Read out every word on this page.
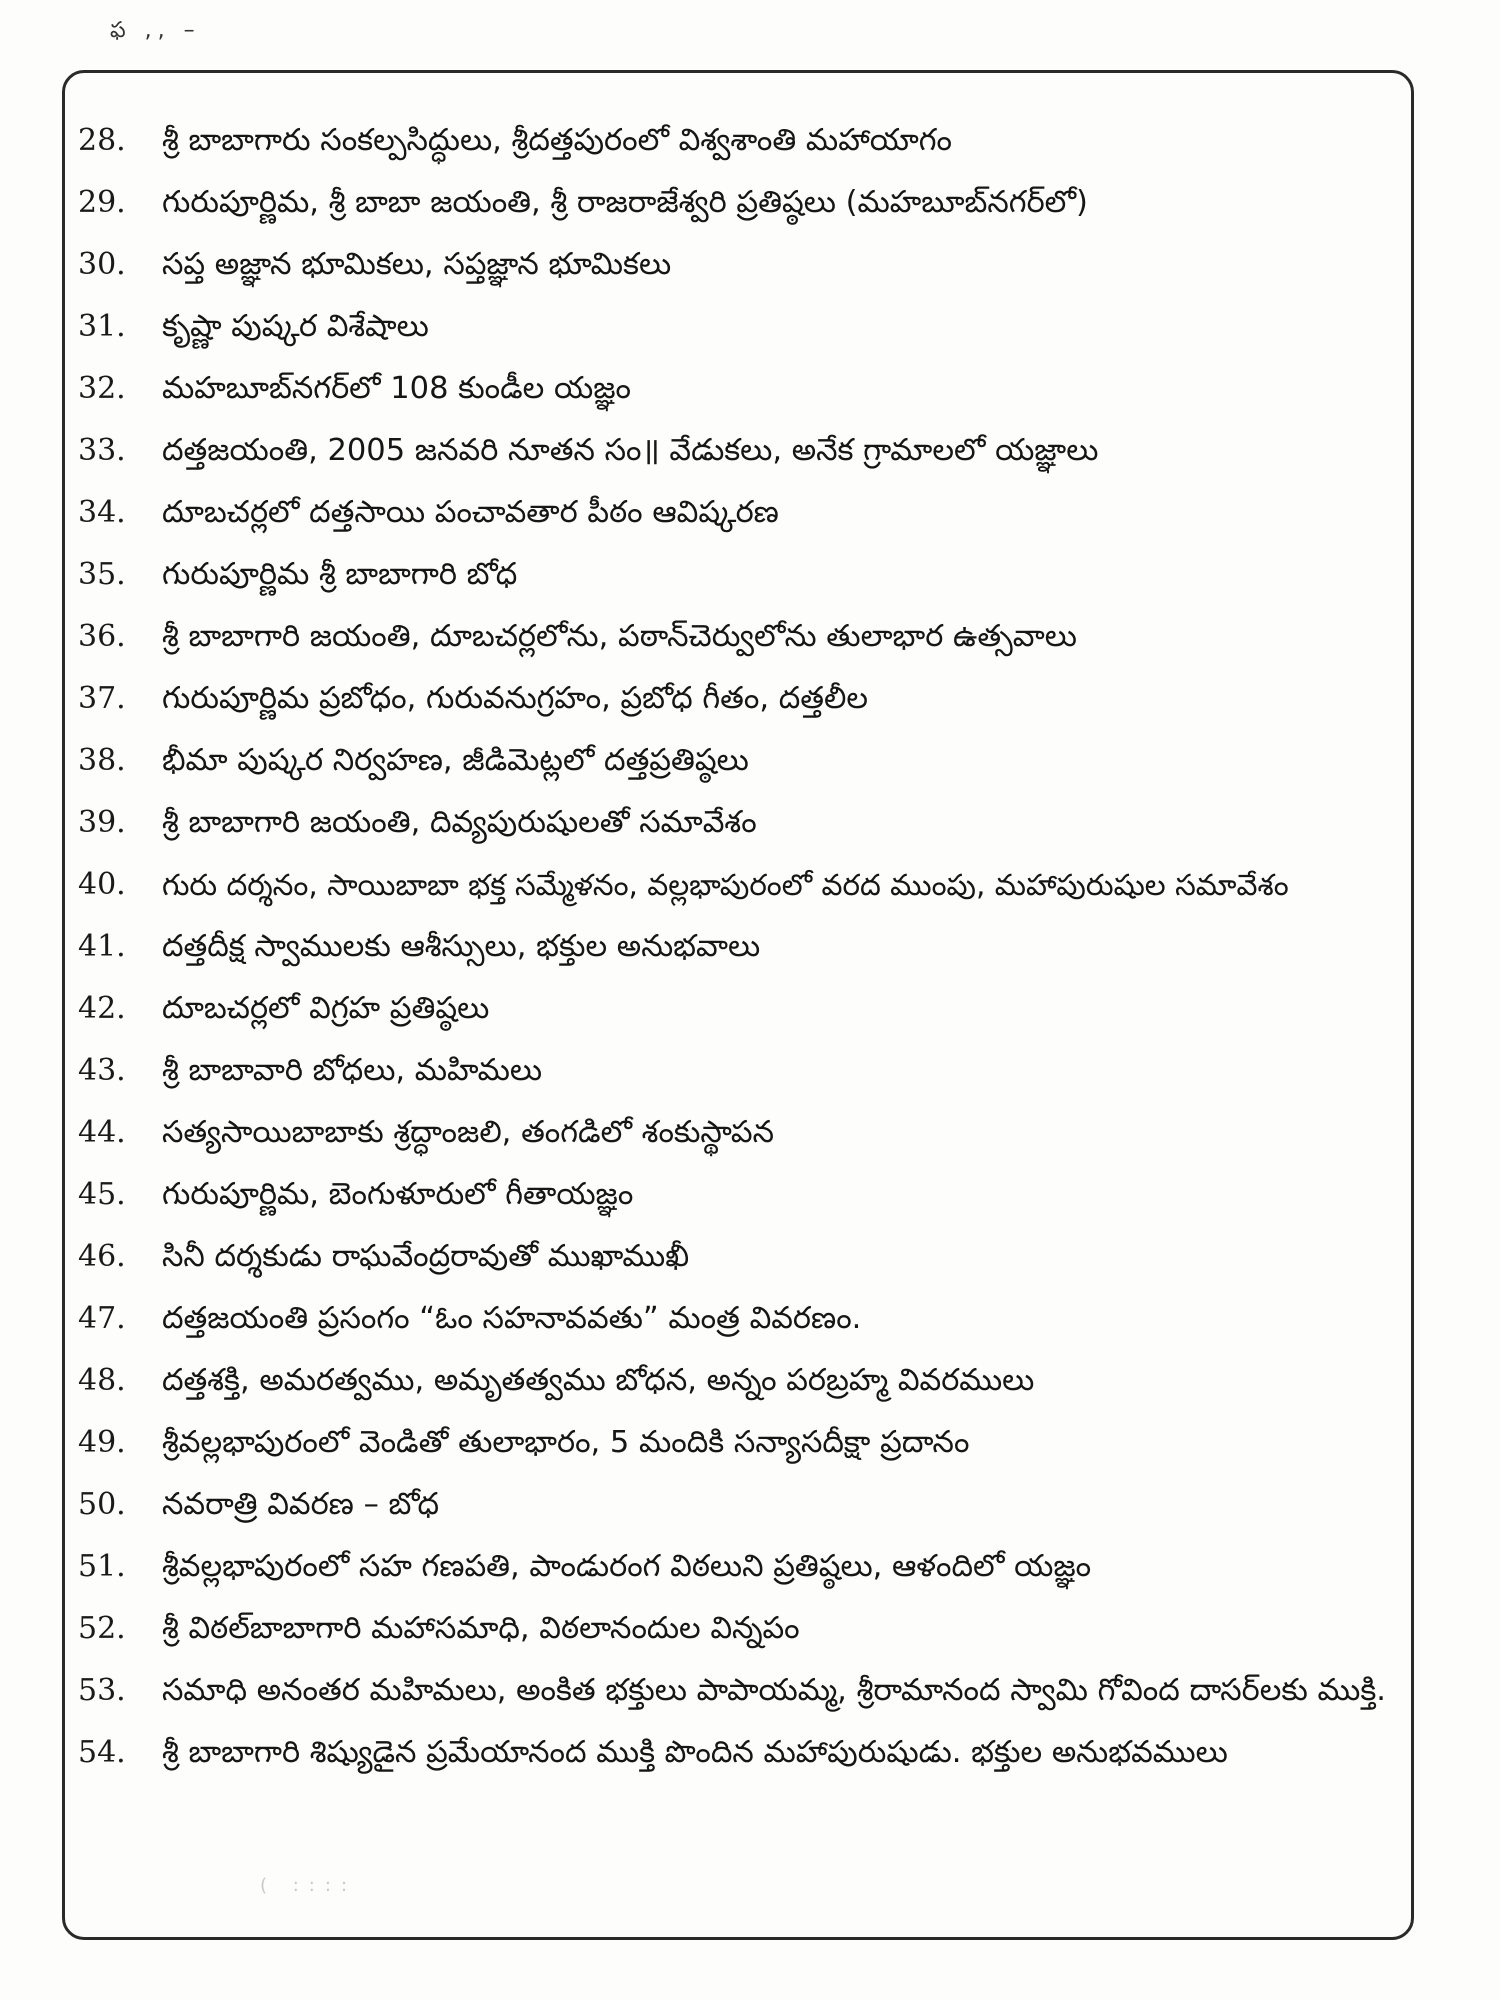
ఫ ,, –
28.	శ్రీ బాబాగారు సంకల్పసిద్ధులు, శ్రీదత్తపురంలో విశ్వశాంతి మహాయాగం
29.	గురుపూర్ణిమ, శ్రీ బాబా జయంతి, శ్రీ రాజరాజేశ్వరి ప్రతిష్ఠలు (మహబూబ్‌నగర్‌లో)
30.	సప్త అజ్ఞాన భూమికలు, సప్తజ్ఞాన భూమికలు
31.	కృష్ణా పుష్కర విశేషాలు
32.	మహబూబ్‌నగర్‌లో 108 కుండీల యజ్ఞం
33.	దత్తజయంతి, 2005 జనవరి నూతన సం॥ వేడుకలు, అనేక గ్రామాలలో యజ్ఞాలు
34.	దూబచర్లలో దత్తసాయి పంచావతార పీఠం ఆవిష్కరణ
35.	గురుపూర్ణిమ శ్రీ బాబాగారి బోధ
36.	శ్రీ బాబాగారి జయంతి, దూబచర్లలోను, పఠాన్‌చెర్వులోను తులాభార ఉత్సవాలు
37.	గురుపూర్ణిమ ప్రబోధం, గురువనుగ్రహం, ప్రబోధ గీతం, దత్తలీల
38.	భీమా పుష్కర నిర్వహణ, జీడిమెట్లలో దత్తప్రతిష్ఠలు
39.	శ్రీ బాబాగారి జయంతి, దివ్యపురుషులతో సమావేశం
40.	గురు దర్శనం, సాయిబాబా భక్త సమ్మేళనం, వల్లభాపురంలో వరద ముంపు, మహాపురుషుల సమావేశం
41.	దత్తదీక్ష స్వాములకు ఆశీస్సులు, భక్తుల అనుభవాలు
42.	దూబచర్లలో విగ్రహ ప్రతిష్ఠలు
43.	శ్రీ బాబావారి బోధలు, మహిమలు
44.	సత్యసాయిబాబాకు శ్రద్ధాంజలి, తంగడిలో శంకుస్థాపన
45.	గురుపూర్ణిమ, బెంగుళూరులో గీతాయజ్ఞం
46.	సినీ దర్శకుడు రాఘవేంద్రరావుతో ముఖాముఖీ
47.	దత్తజయంతి ప్రసంగం “ఓం సహనావవతు” మంత్ర వివరణం.
48.	దత్తశక్తి, అమరత్వము, అమృతత్వము బోధన, అన్నం పరబ్రహ్మ వివరములు
49.	శ్రీవల్లభాపురంలో వెండితో తులాభారం, 5 మందికి సన్యాసదీక్షా ప్రదానం
50.	నవరాత్రి వివరణ – బోధ
51.	శ్రీవల్లభాపురంలో సహ గణపతి, పాండురంగ విఠలుని ప్రతిష్ఠలు, ఆళందిలో యజ్ఞం
52.	శ్రీ విఠల్‌బాబాగారి మహాసమాధి, విఠలానందుల విన్నపం
53.	సమాధి అనంతర మహిమలు, అంకిత భక్తులు పాపాయమ్మ, శ్రీరామానంద స్వామి గోవింద దాసర్‌లకు ముక్తి.
54.	శ్రీ బాబాగారి శిష్యుడైన ప్రమేయానంద ముక్తి పొందిన మహాపురుషుడు. భక్తుల అనుభవములు
( ::::
